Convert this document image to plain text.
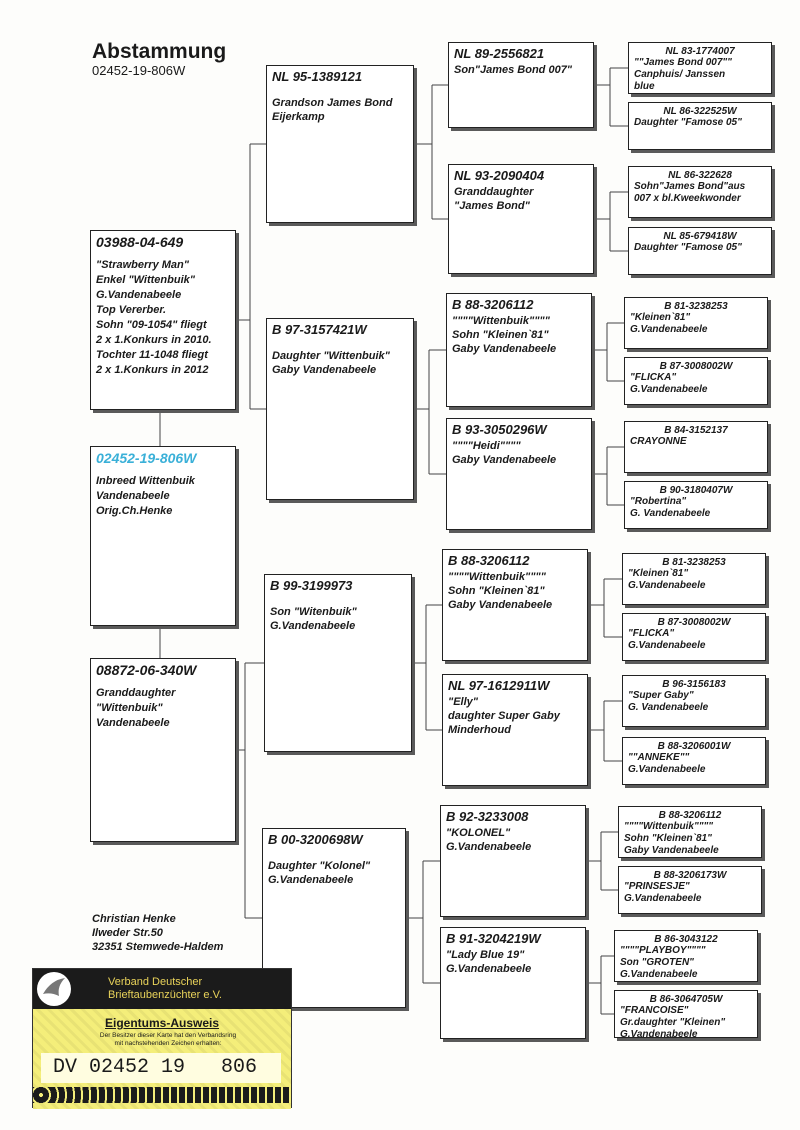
Abstammung
02452-19-806W
03988-04-649
"Strawberry Man"
Enkel "Wittenbuik"
G.Vandenabeele
Top Vererber.
Sohn "09-1054" fliegt
2 x 1.Konkurs in 2010.
Tochter 11-1048 fliegt
2 x 1.Konkurs in 2012
02452-19-806W
Inbreed Wittenbuik
Vandenabeele
Orig.Ch.Henke
08872-06-340W
Granddaughter
"Wittenbuik"
Vandenabeele
NL 95-1389121
Grandson James Bond
Eijerkamp
B 97-3157421W
Daughter "Wittenbuik"
Gaby Vandenabeele
B 99-3199973
Son "Witenbuik"
G.Vandenabeele
B 00-3200698W
Daughter "Kolonel"
G.Vandenabeele
NL 89-2556821
Son"James Bond 007"
NL 93-2090404
Granddaughter
"James Bond"
B 88-3206112
""""Wittenbuik""""
Sohn "Kleinen`81"
Gaby Vandenabeele
B 93-3050296W
""""Heidi""""
Gaby Vandenabeele
B 88-3206112
""""Wittenbuik""""
Sohn "Kleinen`81"
Gaby Vandenabeele
NL 97-1612911W
"Elly"
daughter Super Gaby
Minderhoud
B 92-3233008
"KOLONEL"
G.Vandenabeele
B 91-3204219W
"Lady Blue 19"
G.Vandenabeele
NL 83-1774007
""James Bond 007""
Canphuis/ Janssen
blue
NL 86-322525W
Daughter "Famose 05"
NL 86-322628
Sohn"James Bond"aus
007 x bl.Kweekwonder
NL 85-679418W
Daughter "Famose 05"
B 81-3238253
"Kleinen`81"
G.Vandenabeele
B 87-3008002W
"FLICKA"
G.Vandenabeele
B 84-3152137
CRAYONNE
B 90-3180407W
"Robertina"
G. Vandenabeele
B 81-3238253
"Kleinen`81"
G.Vandenabeele
B 87-3008002W
"FLICKA"
G.Vandenabeele
B 96-3156183
"Super Gaby"
G. Vandenabeele
B 88-3206001W
""ANNEKE""
G.Vandenabeele
B 88-3206112
""""Wittenbuik""""
Sohn "Kleinen`81"
Gaby Vandenabeele
B 88-3206173W
"PRINSESJE"
G.Vandenabeele
B 86-3043122
""""PLAYBOY""""
Son "GROTEN"
G.Vandenabeele
B 86-3064705W
"FRANCOISE"
Gr.daughter "Kleinen"
G.Vandenabeele
Christian Henke
Ilweder Str.50
32351 Stemwede-Haldem
Verband Deutscher
Brieftaubenzüchter e.V.
Eigentums-Ausweis
Der Besitzer dieser Karte hat den Verbandsring
mit nachstehenden Zeichen erhalten:
DV 02452 19 806
